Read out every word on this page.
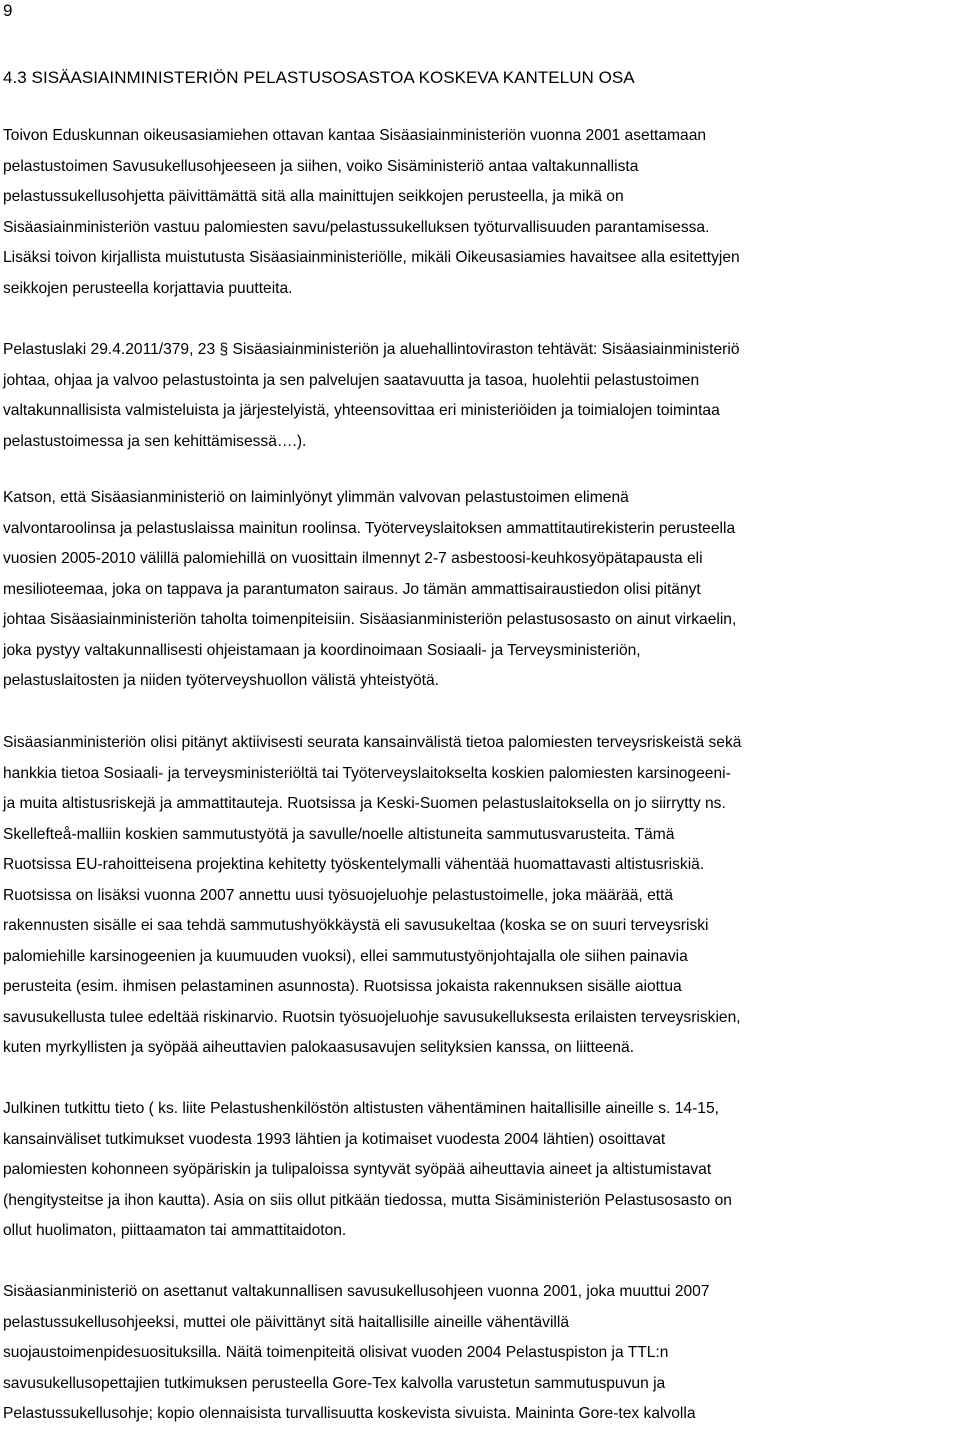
9
4.3 SISÄASIAINMINISTERIÖN PELASTUSOSASTOA KOSKEVA KANTELUN OSA
Toivon Eduskunnan oikeusasiamiehen ottavan kantaa Sisäasiainministeriön vuonna 2001 asettamaan
pelastustoimen Savusukellusohjeeseen ja siihen, voiko Sisäministeriö antaa valtakunnallista
pelastussukellusohjetta päivittämättä sitä alla mainittujen seikkojen perusteella, ja mikä on
Sisäasiainministeriön vastuu palomiesten savu/pelastussukelluksen työturvallisuuden parantamisessa.
Lisäksi toivon kirjallista muistutusta Sisäasiainministeriölle, mikäli Oikeusasiamies havaitsee alla esitettyjen
seikkojen perusteella korjattavia puutteita.
Pelastuslaki 29.4.2011/379, 23 § Sisäasiainministeriön ja aluehallintoviraston tehtävät: Sisäasiainministeriö
johtaa, ohjaa ja valvoo pelastustointa ja sen palvelujen saatavuutta ja tasoa, huolehtii pelastustoimen
valtakunnallisista valmisteluista ja järjestelyistä, yhteensovittaa eri ministeriöiden ja toimialojen toimintaa
pelastustoimessa ja sen kehittämisessä….).
Katson, että Sisäasianministeriö on laiminlyönyt ylimmän valvovan pelastustoimen elimenä
valvontaroolinsa ja pelastuslaissa mainitun roolinsa. Työterveyslaitoksen ammattitautirekisterin perusteella
vuosien 2005-2010 välillä palomiehillä on vuosittain ilmennyt 2-7 asbestoosi-keuhkosyöpätapausta eli
mesilioteemaa, joka on tappava ja parantumaton sairaus. Jo tämän ammattisairaustiedon olisi pitänyt
johtaa Sisäasiainministeriön taholta toimenpiteisiin. Sisäasianministeriön pelastusosasto on ainut virkaelin,
joka pystyy valtakunnallisesti ohjeistamaan ja koordinoimaan Sosiaali- ja Terveysministeriön,
pelastuslaitosten ja niiden työterveyshuollon välistä yhteistyötä.
Sisäasianministeriön olisi pitänyt aktiivisesti seurata kansainvälistä tietoa palomiesten terveysriskeistä sekä
hankkia tietoa Sosiaali- ja terveysministeriöltä tai Työterveyslaitokselta koskien palomiesten karsinogeeni-
ja muita altistusriskejä ja ammattitauteja. Ruotsissa ja Keski-Suomen pelastuslaitoksella on jo siirrytty ns.
Skellefteå-malliin koskien sammutustyötä ja savulle/noelle altistuneita sammutusvarusteita. Tämä
Ruotsissa EU-rahoitteisena projektina kehitetty työskentelymalli vähentää huomattavasti altistusriskiä.
Ruotsissa on lisäksi vuonna 2007 annettu uusi työsuojeluohje pelastustoimelle, joka määrää, että
rakennusten sisälle ei saa tehdä sammutushyökkäystä eli savusukeltaa (koska se on suuri terveysriski
palomiehille karsinogeenien ja kuumuuden vuoksi), ellei sammutustyönjohtajalla ole siihen painavia
perusteita (esim. ihmisen pelastaminen asunnosta). Ruotsissa jokaista rakennuksen sisälle aiottua
savusukellusta tulee edeltää riskinarvio. Ruotsin työsuojeluohje savusukelluksesta erilaisten terveysriskien,
kuten myrkyllisten ja syöpää aiheuttavien palokaasusavujen selityksien kanssa, on liitteenä.
Julkinen tutkittu tieto ( ks. liite Pelastushenkilöstön altistusten vähentäminen haitallisille aineille s. 14-15,
kansainväliset tutkimukset vuodesta 1993 lähtien ja kotimaiset vuodesta 2004 lähtien) osoittavat
palomiesten kohonneen syöpäriskin ja tulipaloissa syntyvät syöpää aiheuttavia aineet ja altistumistavat
(hengitysteitse ja ihon kautta). Asia on siis ollut pitkään tiedossa, mutta Sisäministeriön Pelastusosasto on
ollut huolimaton, piittaamaton tai ammattitaidoton.
Sisäasianministeriö on asettanut valtakunnallisen savusukellusohjeen vuonna 2001, joka muuttui 2007
pelastussukellusohjeeksi, muttei ole päivittänyt sitä haitallisille aineille vähentävillä
suojaustoimenpidesuosituksilla. Näitä toimenpiteitä olisivat vuoden 2004 Pelastuspiston ja TTL:n
savusukellusopettajien tutkimuksen perusteella Gore-Tex kalvolla varustetun sammutuspuvun ja
Pelastussukellusohje; kopio olennaisista turvallisuutta koskevista sivuista. Maininta Gore-tex kalvolla
